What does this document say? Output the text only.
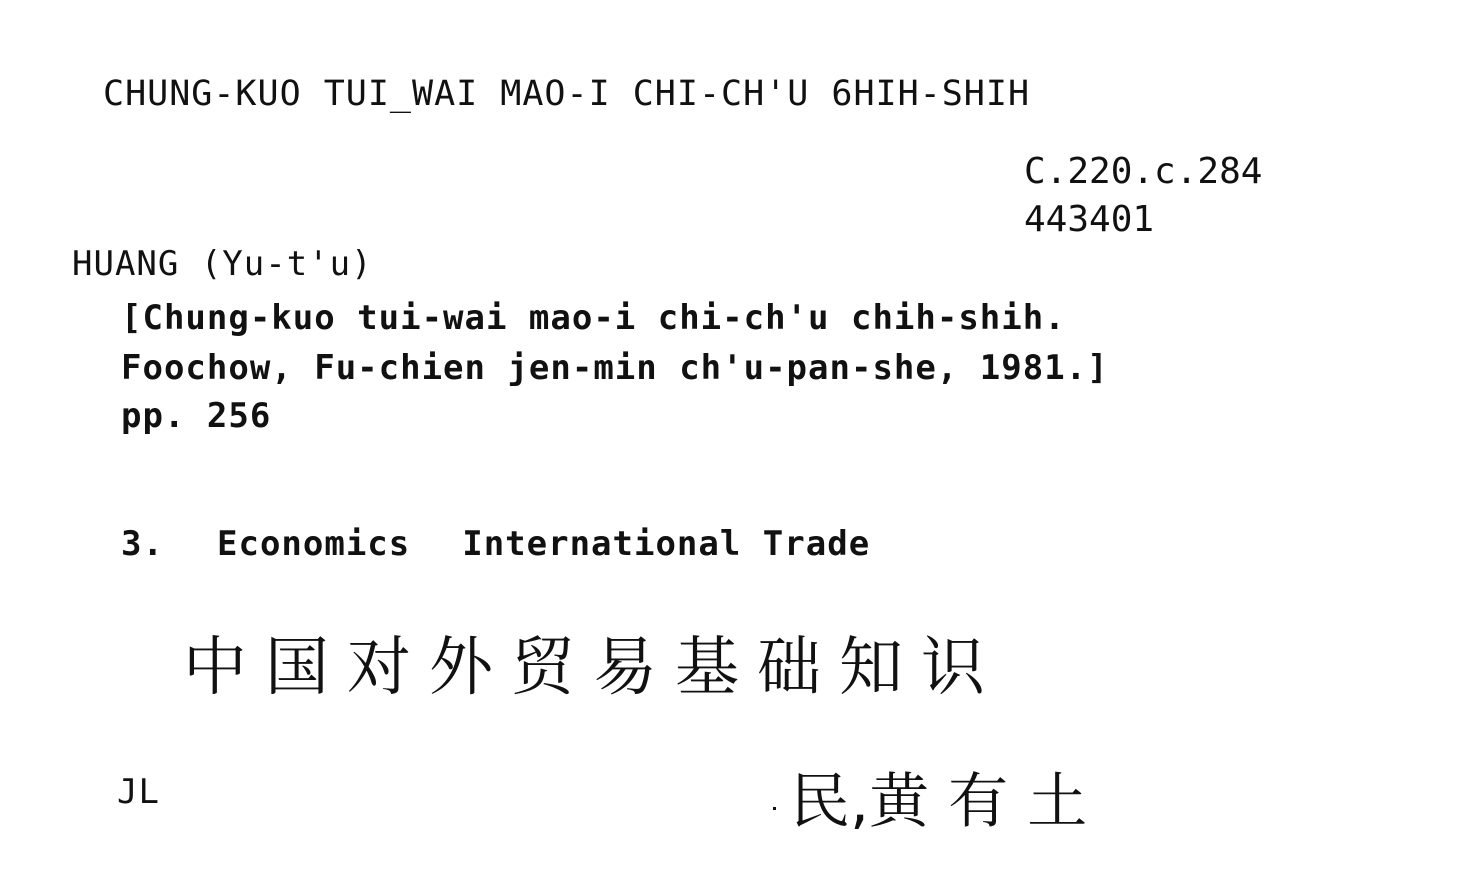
CHUNG-KUO TUI_WAI MAO-I CHI-CH'U 6HIH-SHIH
C.220.c.284
443401
HUANG (Yu-t'u)
[Chung-kuo tui-wai mao-i chi-ch'u chih-shih.
Foochow, Fu-chien jen-min ch'u-pan-she, 1981.]
pp. 256
3. Economics International Trade
中国对外贸易基础知识
JL	民,黄 有 土
